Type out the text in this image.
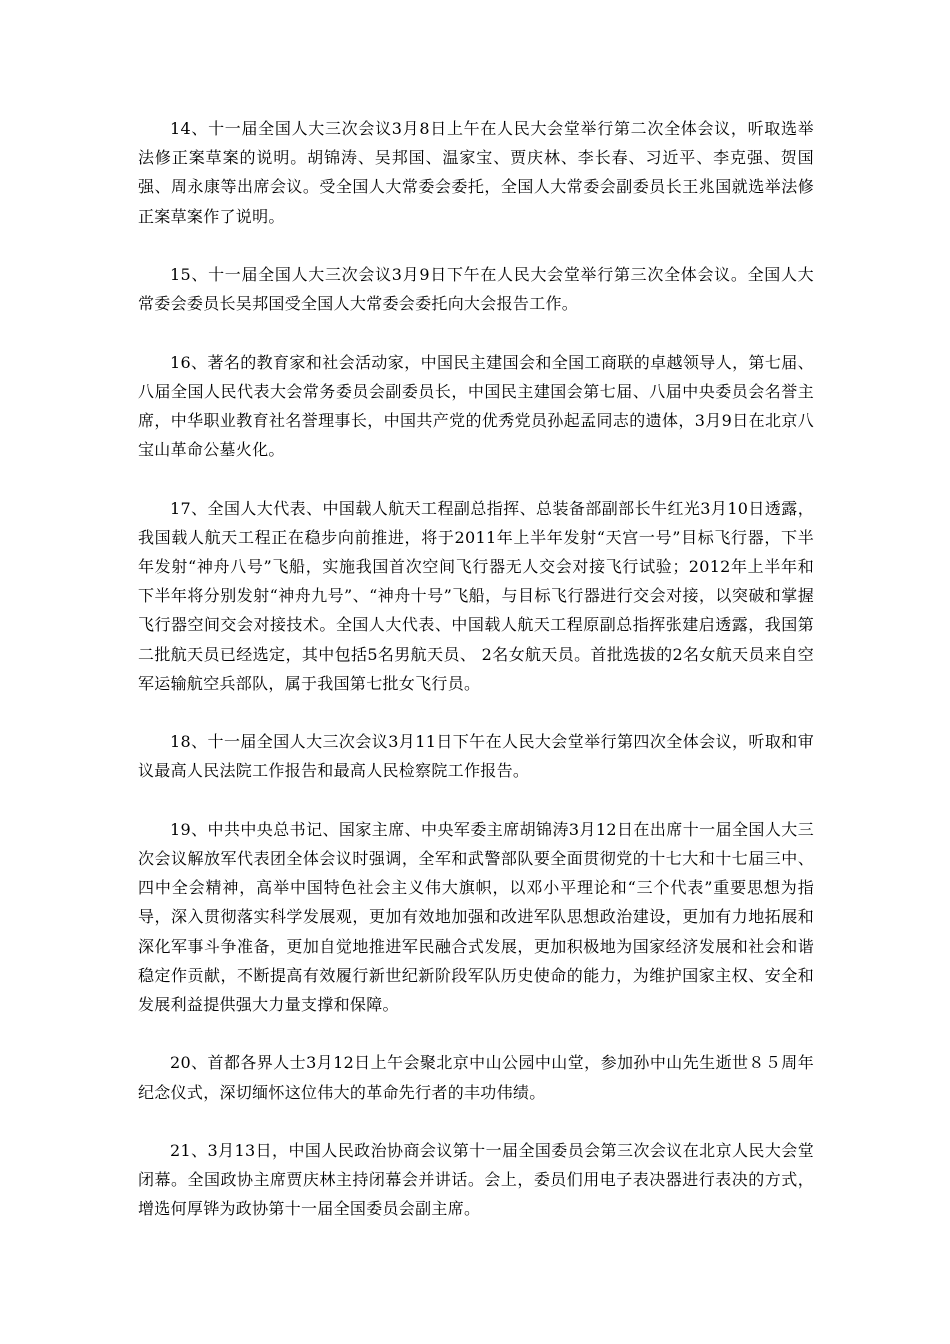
14、十一届全国人大三次会议3月8日上午在人民大会堂举行第二次全体会议，听取选举法修正案草案的说明。胡锦涛、吴邦国、温家宝、贾庆林、李长春、习近平、李克强、贺国强、周永康等出席会议。受全国人大常委会委托，全国人大常委会副委员长王兆国就选举法修正案草案作了说明。

15、十一届全国人大三次会议3月9日下午在人民大会堂举行第三次全体会议。全国人大常委会委员长吴邦国受全国人大常委会委托向大会报告工作。

16、著名的教育家和社会活动家，中国民主建国会和全国工商联的卓越领导人，第七届、八届全国人民代表大会常务委员会副委员长，中国民主建国会第七届、八届中央委员会名誉主席，中华职业教育社名誉理事长，中国共产党的优秀党员孙起孟同志的遗体，3月9日在北京八宝山革命公墓火化。

17、全国人大代表、中国载人航天工程副总指挥、总装备部副部长牛红光3月10日透露，我国载人航天工程正在稳步向前推进，将于2011年上半年发射“天宫一号”目标飞行器，下半年发射“神舟八号”飞船，实施我国首次空间飞行器无人交会对接飞行试验；2012年上半年和下半年将分别发射“神舟九号”、“神舟十号”飞船，与目标飞行器进行交会对接，以突破和掌握飞行器空间交会对接技术。全国人大代表、中国载人航天工程原副总指挥张建启透露，我国第二批航天员已经选定，其中包括5名男航天员、 2名女航天员。首批选拔的2名女航天员来自空军运输航空兵部队，属于我国第七批女飞行员。

18、十一届全国人大三次会议3月11日下午在人民大会堂举行第四次全体会议，听取和审议最高人民法院工作报告和最高人民检察院工作报告。

19、中共中央总书记、国家主席、中央军委主席胡锦涛3月12日在出席十一届全国人大三次会议解放军代表团全体会议时强调，全军和武警部队要全面贯彻党的十七大和十七届三中、四中全会精神，高举中国特色社会主义伟大旗帜，以邓小平理论和“三个代表”重要思想为指导，深入贯彻落实科学发展观，更加有效地加强和改进军队思想政治建设，更加有力地拓展和深化军事斗争准备，更加自觉地推进军民融合式发展，更加积极地为国家经济发展和社会和谐稳定作贡献，不断提高有效履行新世纪新阶段军队历史使命的能力，为维护国家主权、安全和发展利益提供强大力量支撑和保障。

20、首都各界人士3月12日上午会聚北京中山公园中山堂，参加孙中山先生逝世８５周年纪念仪式，深切缅怀这位伟大的革命先行者的丰功伟绩。

21、3月13日，中国人民政治协商会议第十一届全国委员会第三次会议在北京人民大会堂闭幕。全国政协主席贾庆林主持闭幕会并讲话。会上，委员们用电子表决器进行表决的方式，增选何厚铧为政协第十一届全国委员会副主席。
